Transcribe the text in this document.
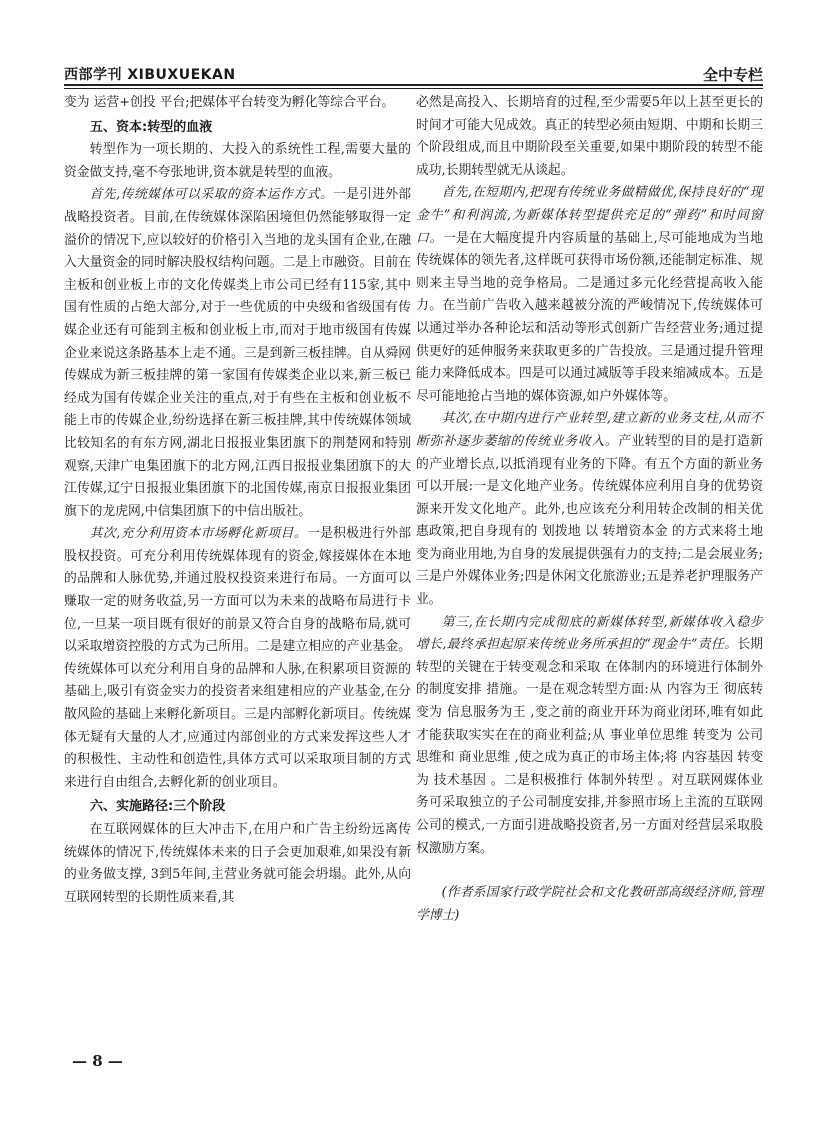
西部学刊 XIBUXUEKAN	全中专栏

变为 运营+创投 平台;把媒体平台转变为孵化等综合平台。

五、资本:转型的血液

转型作为一项长期的、大投入的系统性工程,需要大量的资金做支持,毫不夸张地讲,资本就是转型的血液。

首先,传统媒体可以采取的资本运作方式。一是引进外部战略投资者。目前,在传统媒体深陷困境但仍然能够取得一定溢价的情况下,应以较好的价格引入当地的龙头国有企业,在融入大量资金的同时解决股权结构问题。二是上市融资。目前在主板和创业板上市的文化传媒类上市公司已经有115家,其中国有性质的占绝大部分,对于一些优质的中央级和省级国有传媒企业还有可能到主板和创业板上市,而对于地市级国有传媒企业来说这条路基本上走不通。三是到新三板挂牌。自从舜网传媒成为新三板挂牌的第一家国有传媒类企业以来,新三板已经成为国有传媒企业关注的重点,对于有些在主板和创业板不能上市的传媒企业,纷纷选择在新三板挂牌,其中传统媒体领域比较知名的有东方网,湖北日报报业集团旗下的荆楚网和特别观察,天津广电集团旗下的北方网,江西日报报业集团旗下的大江传媒,辽宁日报报业集团旗下的北国传媒,南京日报报业集团旗下的龙虎网,中信集团旗下的中信出版社。

其次,充分利用资本市场孵化新项目。一是积极进行外部股权投资。可充分利用传统媒体现有的资金,嫁接媒体在本地的品牌和人脉优势,并通过股权投资来进行布局。一方面可以赚取一定的财务收益,另一方面可以为未来的战略布局进行卡位,一旦某一项目既有很好的前景又符合自身的战略布局,就可以采取增资控股的方式为己所用。二是建立相应的产业基金。传统媒体可以充分利用自身的品牌和人脉,在积累项目资源的基础上,吸引有资金实力的投资者来组建相应的产业基金,在分散风险的基础上来孵化新项目。三是内部孵化新项目。传统媒体无疑有大量的人才,应通过内部创业的方式来发挥这些人才的积极性、主动性和创造性,具体方式可以采取项目制的方式来进行自由组合,去孵化新的创业项目。

六、实施路径:三个阶段

在互联网媒体的巨大冲击下,在用户和广告主纷纷远离传统媒体的情况下,传统媒体未来的日子会更加艰难,如果没有新的业务做支撑, 3到5年间,主营业务就可能会坍塌。此外,从向互联网转型的长期性质来看,其

必然是高投入、长期培育的过程,至少需要5年以上甚至更长的时间才可能大见成效。真正的转型必须由短期、中期和长期三个阶段组成,而且中期阶段至关重要,如果中期阶段的转型不能成功,长期转型就无从谈起。

首先,在短期内,把现有传统业务做精做优,保持良好的“现金牛”和利润流,为新媒体转型提供充足的“弹药”和时间窗口。一是在大幅度提升内容质量的基础上,尽可能地成为当地传统媒体的领先者,这样既可获得市场份额,还能制定标准、规则来主导当地的竞争格局。二是通过多元化经营提高收入能力。在当前广告收入越来越被分流的严峻情况下,传统媒体可以通过举办各种论坛和活动等形式创新广告经营业务;通过提供更好的延伸服务来获取更多的广告投放。三是通过提升管理能力来降低成本。四是可以通过减版等手段来缩减成本。五是尽可能地抢占当地的媒体资源,如户外媒体等。

其次,在中期内进行产业转型,建立新的业务支柱,从而不断弥补逐步萎缩的传统业务收入。产业转型的目的是打造新的产业增长点,以抵消现有业务的下降。有五个方面的新业务可以开展:一是文化地产业务。传统媒体应利用自身的优势资源来开发文化地产。此外,也应该充分利用转企改制的相关优惠政策,把自身现有的 划拨地 以 转增资本金 的方式来将土地变为商业用地,为自身的发展提供强有力的支持;二是会展业务;三是户外媒体业务;四是休闲文化旅游业;五是养老护理服务产业。

第三,在长期内完成彻底的新媒体转型,新媒体收入稳步增长,最终承担起原来传统业务所承担的“现金牛”责任。长期转型的关键在于转变观念和采取 在体制内的环境进行体制外的制度安排 措施。一是在观念转型方面:从 内容为王 彻底转变为 信息服务为王 ,变之前的商业开环为商业闭环,唯有如此才能获取实实在在的商业利益;从 事业单位思维 转变为 公司思维和 商业思维 ,使之成为真正的市场主体;将 内容基因 转变为 技术基因 。二是积极推行 体制外转型 。对互联网媒体业务可采取独立的子公司制度安排,并参照市场上主流的互联网公司的模式,一方面引进战略投资者,另一方面对经营层采取股权激励方案。

(作者系国家行政学院社会和文化教研部高级经济师,管理学博士)

— 8 —
